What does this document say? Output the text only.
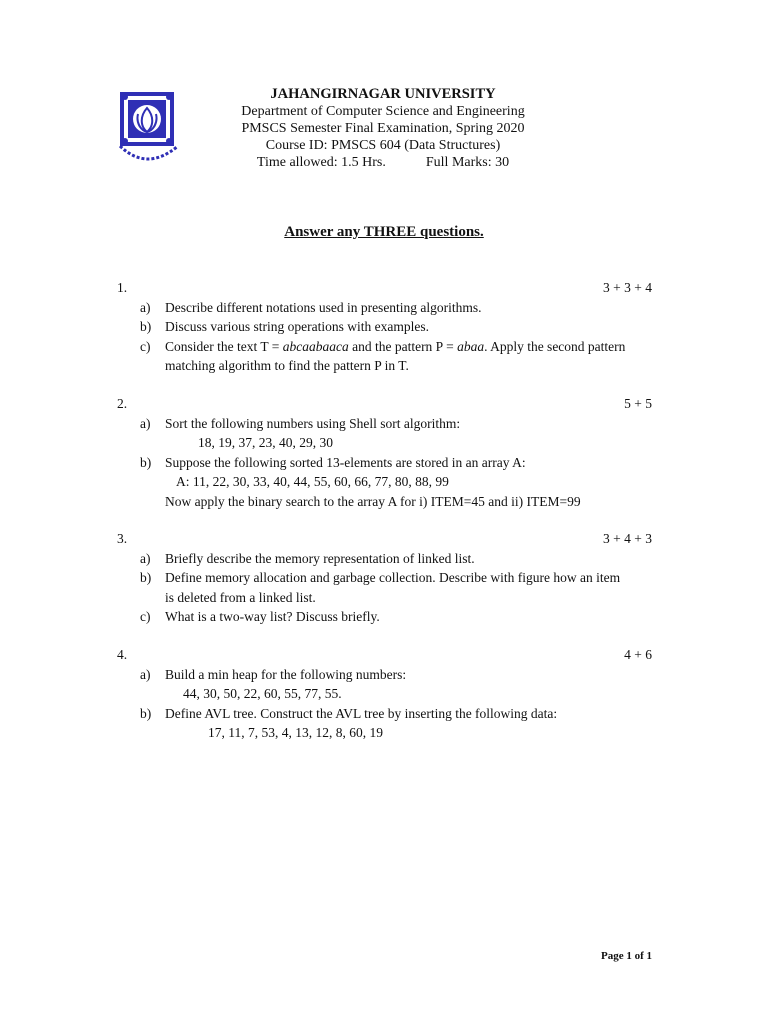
JAHANGIRNAGAR UNIVERSITY
Department of Computer Science and Engineering
PMSCS Semester Final Examination, Spring 2020
Course ID: PMSCS 604 (Data Structures)
Time allowed: 1.5 Hrs.	Full Marks: 30
Answer any THREE questions.
1.	3 + 3 + 4
a)	Describe different notations used in presenting algorithms.
b)	Discuss various string operations with examples.
c)	Consider the text T = abcaabaaca and the pattern P = abaa. Apply the second pattern
matching algorithm to find the pattern P in T.
2.	5 + 5
a)	Sort the following numbers using Shell sort algorithm:
18, 19, 37, 23, 40, 29, 30
b)	Suppose the following sorted 13-elements are stored in an array A:
A: 11, 22, 30, 33, 40, 44, 55, 60, 66, 77, 80, 88, 99
Now apply the binary search to the array A for i) ITEM=45 and ii) ITEM=99
3.	3 + 4 + 3
a)	Briefly describe the memory representation of linked list.
b)	Define memory allocation and garbage collection. Describe with figure how an item
is deleted from a linked list.
c)	What is a two-way list? Discuss briefly.
4.	4 + 6
a)	Build a min heap for the following numbers:
44, 30, 50, 22, 60, 55, 77, 55.
b)	Define AVL tree. Construct the AVL tree by inserting the following data:
17, 11, 7, 53, 4, 13, 12, 8, 60, 19
Page 1 of 1
